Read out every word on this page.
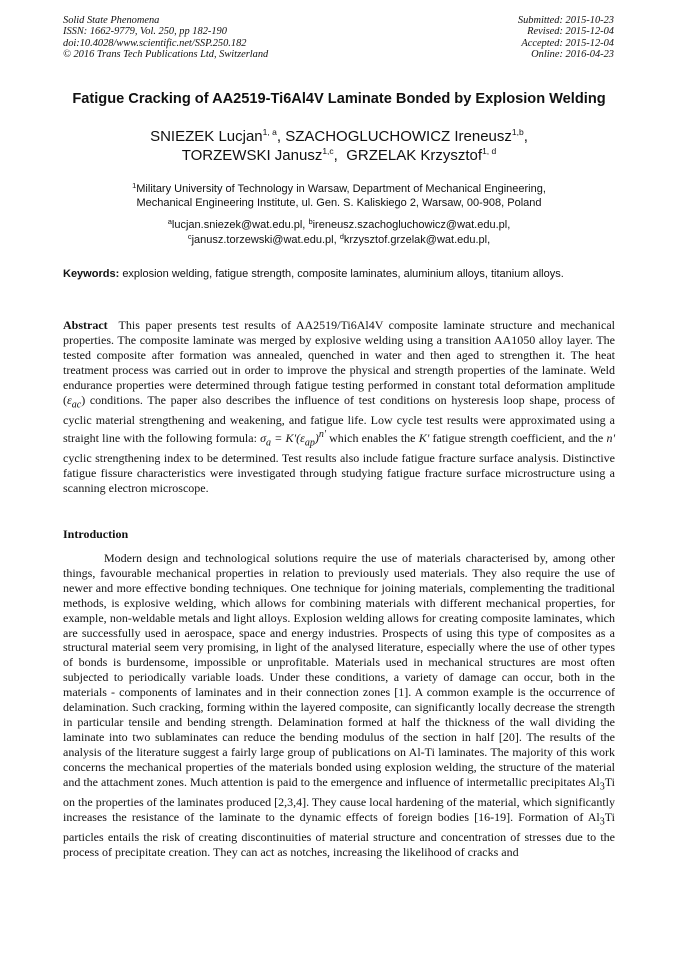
Solid State Phenomena
ISSN: 1662-9779, Vol. 250, pp 182-190
doi:10.4028/www.scientific.net/SSP.250.182
© 2016 Trans Tech Publications Ltd, Switzerland
Submitted: 2015-10-23
Revised: 2015-12-04
Accepted: 2015-12-04
Online: 2016-04-23
Fatigue Cracking of AA2519-Ti6Al4V Laminate Bonded by Explosion Welding
SNIEZEK Lucjan$^{1, a}$, SZACHOGLUCHOWICZ Ireneusz$^{1,b}$,
TORZEWSKI Janusz$^{1,c}$,  GRZELAK Krzysztof$^{1, d}$
$^1$Military University of Technology in Warsaw, Department of Mechanical Engineering,
Mechanical Engineering Institute, ul. Gen. S. Kaliskiego 2, Warsaw, 00-908, Poland
$^a$lucjan.sniezek@wat.edu.pl, $^b$ireneusz.szachogluchowicz@wat.edu.pl,
$^c$janusz.torzewski@wat.edu.pl, $^d$krzysztof.grzelak@wat.edu.pl,
Keywords: explosion welding, fatigue strength, composite laminates, aluminium alloys, titanium alloys.
Abstract This paper presents test results of AA2519/Ti6Al4V composite laminate structure and mechanical properties. The composite laminate was merged by explosive welding using a transition AA1050 alloy layer. The tested composite after formation was annealed, quenched in water and then aged to strengthen it. The heat treatment process was carried out in order to improve the physical and strength properties of the laminate. Weld endurance properties were determined through fatigue testing performed in constant total deformation amplitude $(\varepsilon_{ac})$ conditions. The paper also describes the influence of test conditions on hysteresis loop shape, process of cyclic material strengthening and weakening, and fatigue life. Low cycle test results were approximated using a straight line with the following formula: $\sigma_a = K'(\varepsilon_{ap})^{n'}$ which enables the K' fatigue strength coefficient, and the n' cyclic strengthening index to be determined. Test results also include fatigue fracture surface analysis. Distinctive fatigue fissure characteristics were investigated through studying fatigue fracture surface microstructure using a scanning electron microscope.
Introduction
Modern design and technological solutions require the use of materials characterised by, among other things, favourable mechanical properties in relation to previously used materials. They also require the use of newer and more effective bonding techniques. One technique for joining materials, complementing the traditional methods, is explosive welding, which allows for combining materials with different mechanical properties, for example, non-weldable metals and light alloys. Explosion welding allows for creating composite laminates, which are successfully used in aerospace, space and energy industries. Prospects of using this type of composites as a structural material seem very promising, in light of the analysed literature, especially where the use of other types of bonds is burdensome, impossible or unprofitable. Materials used in mechanical structures are most often subjected to periodically variable loads. Under these conditions, a variety of damage can occur, both in the materials - components of laminates and in their connection zones [1]. A common example is the occurrence of delamination. Such cracking, forming within the layered composite, can significantly locally decrease the strength in particular tensile and bending strength. Delamination formed at half the thickness of the wall dividing the laminate into two sublaminates can reduce the bending modulus of the section in half [20]. The results of the analysis of the literature suggest a fairly large group of publications on Al-Ti laminates. The majority of this work concerns the mechanical properties of the materials bonded using explosion welding, the structure of the material and the attachment zones. Much attention is paid to the emergence and influence of intermetallic precipitates $Al_3Ti$ on the properties of the laminates produced [2,3,4]. They cause local hardening of the material, which significantly increases the resistance of the laminate to the dynamic effects of foreign bodies [16-19]. Formation of $Al_3Ti$ particles entails the risk of creating discontinuities of material structure and concentration of stresses due to the process of precipitate creation. They can act as notches, increasing the likelihood of cracks and
